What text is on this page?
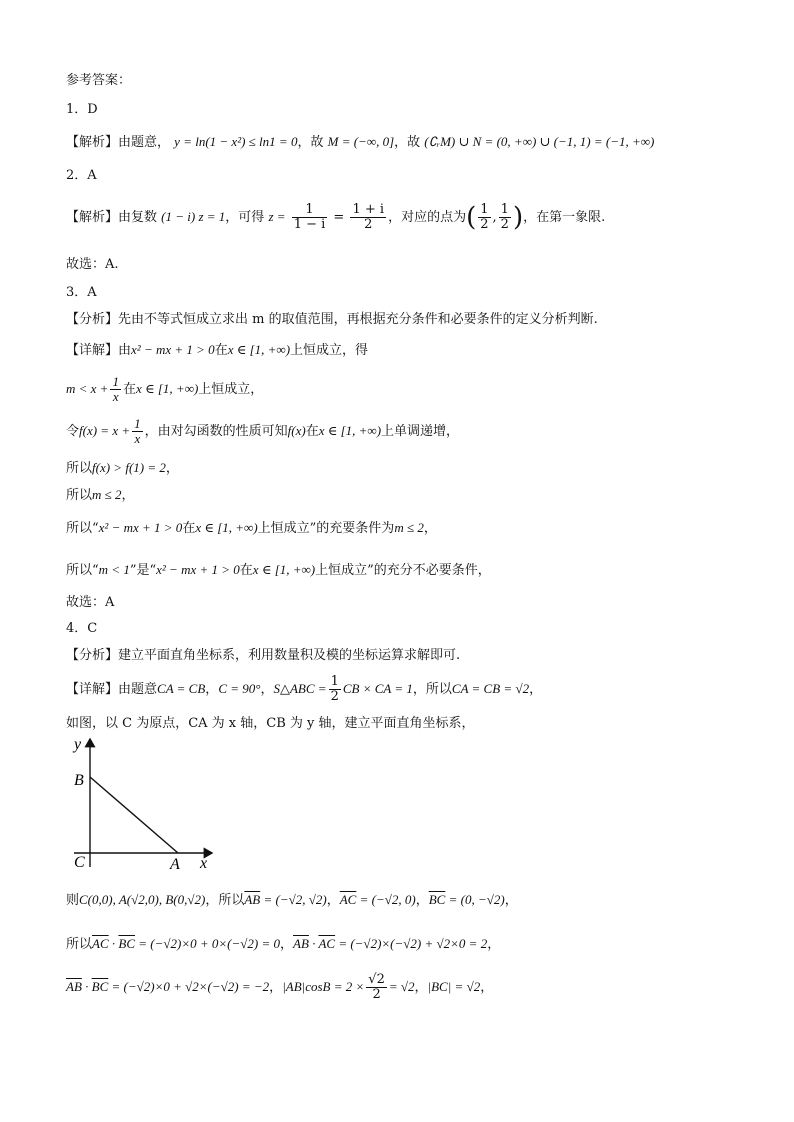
参考答案：
1．D
【解析】由题意， y = ln(1 − x²) ≤ ln1 = 0，故 M = (−∞, 0]，故 (∁ᵣM) ∪ N = (0, +∞) ∪ (−1, 1) = (−1, +∞)
2．A
【解析】由复数 (1 − i) z = 1，可得 $z = \frac{1}{1 - i} = \frac{1 + i}{2}$ ，对应的点为( $\frac{1}{2}$ , $\frac{1}{2}$ )，在第一象限.
故选：A.
3．A
【分析】先由不等式恒成立求出 m 的取值范围，再根据充分条件和必要条件的定义分析判断.
【详解】由x² − mx + 1 > 0在x ∈ [1, +∞)上恒成立，得
$m < x + \frac{1}{x}$ 在x ∈ [1, +∞)上恒成立，
令$f(x) = x + \frac{1}{x}$ ，由对勾函数的性质可知f(x)在x ∈ [1, +∞)上单调递增，
所以f(x) > f(1) = 2，
所以m ≤ 2，
所以“x² − mx + 1 > 0在x ∈ [1, +∞)上恒成立”的充要条件为m ≤ 2，
所以“m < 1”是“x² − mx + 1 > 0在x ∈ [1, +∞)上恒成立”的充分不必要条件，
故选：A
4．C
【分析】建立平面直角坐标系，利用数量积及模的坐标运算求解即可.
【详解】由题意CA = CB，C = 90°，S△ABC = $\frac{1}{2}$ CB × CA = 1，所以CA = CB = √2，
如图，以 C 为原点，CA 为 x 轴，CB 为 y 轴，建立平面直角坐标系，
y
x
B
C	A
则C(0,0), A(√2,0), B(0,√2)，所以$\overline{AB} = (-√2$, √2)，$\overline{AC} = (-√2$, 0)，$\overline{BC} = (0$, −√2)，
所以$\overline{AC} \cdot \overline{BC} = (-√2)\times 0 + 0\times(-√2) = 0$，$\overline{AB} \cdot \overline{AC} = (-√2)\times(-√2) + √2\times 0 = 2$，
$\overline{AB} \cdot \overline{BC} = (-√2)\times 0 + √2\times(-√2) = -2$，$|AB|\cos B = 2 \times \frac{√2}{2} = √2$，|BC| = √2，
